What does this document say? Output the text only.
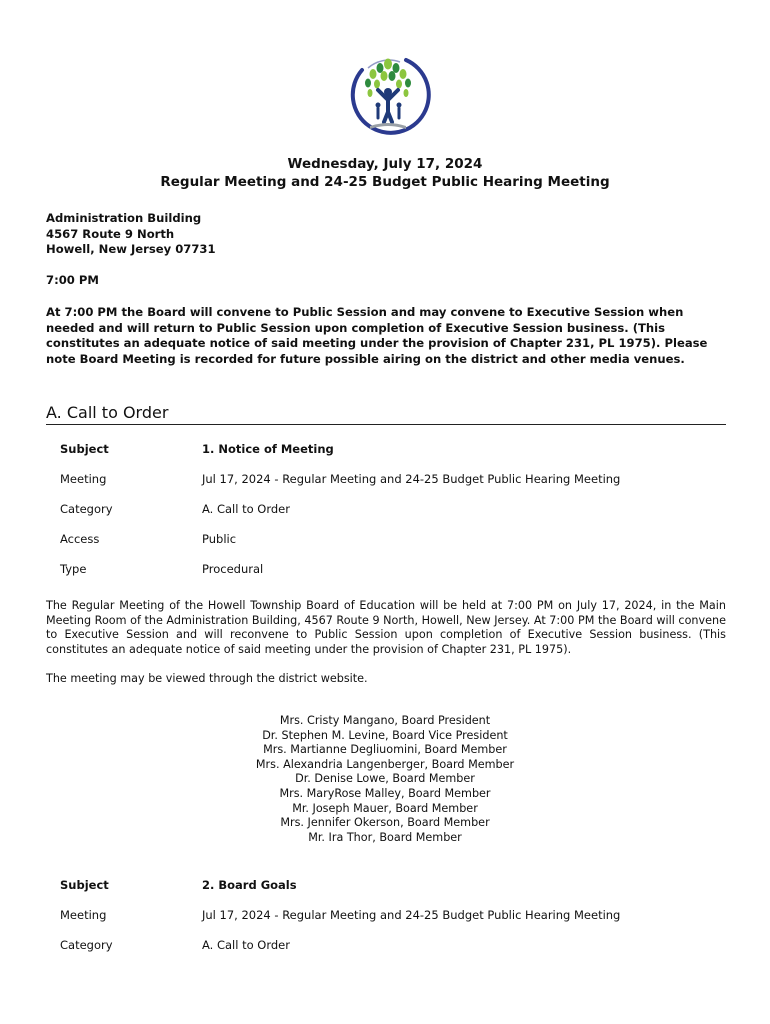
Wednesday, July 17, 2024
Regular Meeting and 24-25 Budget Public Hearing Meeting
Administration Building
4567 Route 9 North
Howell, New Jersey 07731
7:00 PM
At 7:00 PM the Board will convene to Public Session and may convene to Executive Session when needed and will return to Public Session upon completion of Executive Session business. (This constitutes an adequate notice of said meeting under the provision of Chapter 231, PL 1975). Please note Board Meeting is recorded for future possible airing on the district and other media venues.
A. Call to Order
Subject	1. Notice of Meeting
Meeting	Jul 17, 2024 - Regular Meeting and 24-25 Budget Public Hearing Meeting
Category	A. Call to Order
Access	Public
Type	Procedural
The Regular Meeting of the Howell Township Board of Education will be held at 7:00 PM on July 17, 2024, in the Main Meeting Room of the Administration Building, 4567 Route 9 North, Howell, New Jersey. At 7:00 PM the Board will convene to Executive Session and will reconvene to Public Session upon completion of Executive Session business. (This constitutes an adequate notice of said meeting under the provision of Chapter 231, PL 1975).
The meeting may be viewed through the district website.
Mrs. Cristy Mangano, Board President
Dr. Stephen M. Levine, Board Vice President
Mrs. Martianne Degliuomini, Board Member
Mrs. Alexandria Langenberger, Board Member
Dr. Denise Lowe, Board Member
Mrs. MaryRose Malley, Board Member
Mr. Joseph Mauer, Board Member
Mrs. Jennifer Okerson, Board Member
Mr. Ira Thor, Board Member
Subject	2. Board Goals
Meeting	Jul 17, 2024 - Regular Meeting and 24-25 Budget Public Hearing Meeting
Category	A. Call to Order
